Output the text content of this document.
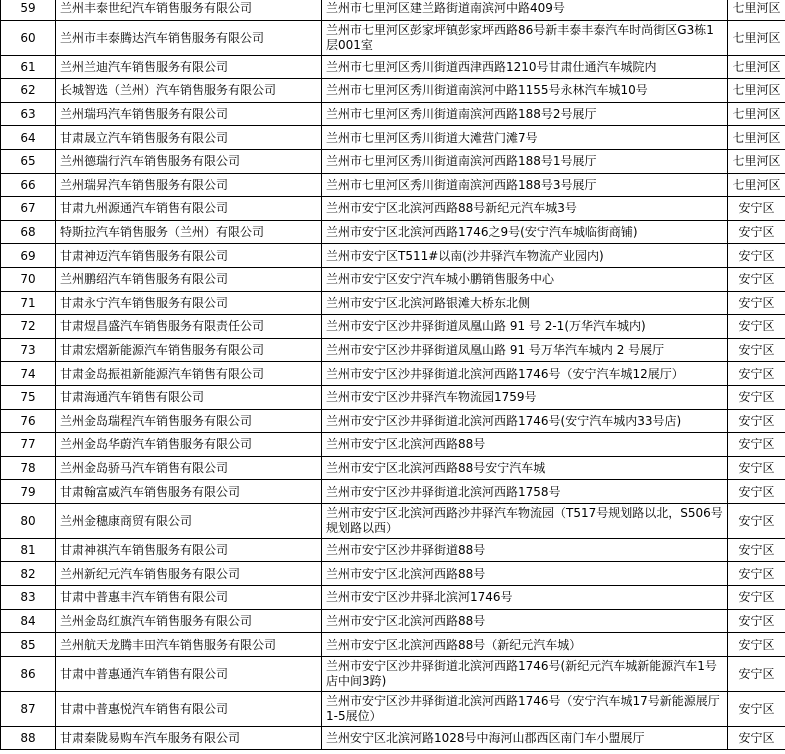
59	兰州丰泰世纪汽车销售服务有限公司	兰州市七里河区建兰路街道南滨河中路409号	七里河区
60	兰州市丰泰腾达汽车销售服务有限公司	兰州市七里河区彭家坪镇彭家坪西路86号新丰泰丰泰汽车时尚街区G3栋1层001室	七里河区
61	兰州兰迪汽车销售服务有限公司	兰州市七里河区秀川街道西津西路1210号甘肃仕通汽车城院内	七里河区
62	长城智选（兰州）汽车销售服务有限公司	兰州市七里河区秀川街道南滨河中路1155号永林汽车城10号	七里河区
63	兰州瑞玛汽车销售服务有限公司	兰州市七里河区秀川街道南滨河西路188号2号展厅	七里河区
64	甘肃晟立汽车销售服务有限公司	兰州市七里河区秀川街道大滩营门滩7号	七里河区
65	兰州德瑞行汽车销售服务有限公司	兰州市七里河区秀川街道南滨河西路188号1号展厅	七里河区
66	兰州瑞昇汽车销售服务有限公司	兰州市七里河区秀川街道南滨河西路188号3号展厅	七里河区
67	甘肃九州源通汽车销售有限公司	兰州市安宁区北滨河西路88号新纪元汽车城3号	安宁区
68	特斯拉汽车销售服务（兰州）有限公司	兰州市安宁区北滨河西路1746之9号(安宁汽车城临街商铺)	安宁区
69	甘肃神迈汽车销售服务有限公司	兰州市安宁区T511#以南(沙井驿汽车物流产业园内)	安宁区
70	兰州鹏绍汽车销售服务有限公司	兰州市安宁区安宁汽车城小鹏销售服务中心	安宁区
71	甘肃永宁汽车销售服务有限公司	兰州市安宁区北滨河路银滩大桥东北侧	安宁区
72	甘肃煜昌盛汽车销售服务有限责任公司	兰州市安宁区沙井驿街道凤凰山路 91 号 2-1(万华汽车城内)	安宁区
73	甘肃宏熠新能源汽车销售服务有限公司	兰州市安宁区沙井驿街道凤凰山路 91 号万华汽车城内 2 号展厅	安宁区
74	甘肃金岛振祖新能源汽车销售有限公司	兰州市安宁区沙井驿街道北滨河西路1746号（安宁汽车城12展厅）	安宁区
75	甘肃海通汽车销售有限公司	兰州市安宁区沙井驿汽车物流园1759号	安宁区
76	兰州金岛瑞程汽车销售服务有限公司	兰州市安宁区沙井驿街道北滨河西路1746号(安宁汽车城内33号店)	安宁区
77	兰州金岛华蔚汽车销售服务有限公司	兰州市安宁区北滨河西路88号	安宁区
78	兰州金岛骄马汽车销售有限公司	兰州市安宁区北滨河西路88号安宁汽车城	安宁区
79	甘肃翰富威汽车销售服务有限公司	兰州市安宁区沙井驿街道北滨河西路1758号	安宁区
80	兰州金穗康商贸有限公司	兰州市安宁区北滨河西路沙井驿汽车物流园（T517号规划路以北，S506号规划路以西）	安宁区
81	甘肃神祺汽车销售服务有限公司	兰州市安宁区沙井驿街道88号	安宁区
82	兰州新纪元汽车销售服务有限公司	兰州市安宁区北滨河西路88号	安宁区
83	甘肃中普惠丰汽车销售有限公司	兰州市安宁区沙井驿北滨河1746号	安宁区
84	兰州金岛红旗汽车销售服务有限公司	兰州市安宁区北滨河西路88号	安宁区
85	兰州航天龙腾丰田汽车销售服务有限公司	兰州市安宁区北滨河西路88号（新纪元汽车城）	安宁区
86	甘肃中普惠通汽车销售有限公司	兰州市安宁区沙井驿街道北滨河西路1746号(新纪元汽车城新能源汽车1号店中间3跨)	安宁区
87	甘肃中普惠悦汽车销售有限公司	兰州市安宁区沙井驿街道北滨河西路1746号（安宁汽车城17号新能源展厅1-5展位）	安宁区
88	甘肃秦陇易购车汽车服务有限公司	兰州安宁区北滨河路1028号中海河山郡西区南门车小盟展厅	安宁区
